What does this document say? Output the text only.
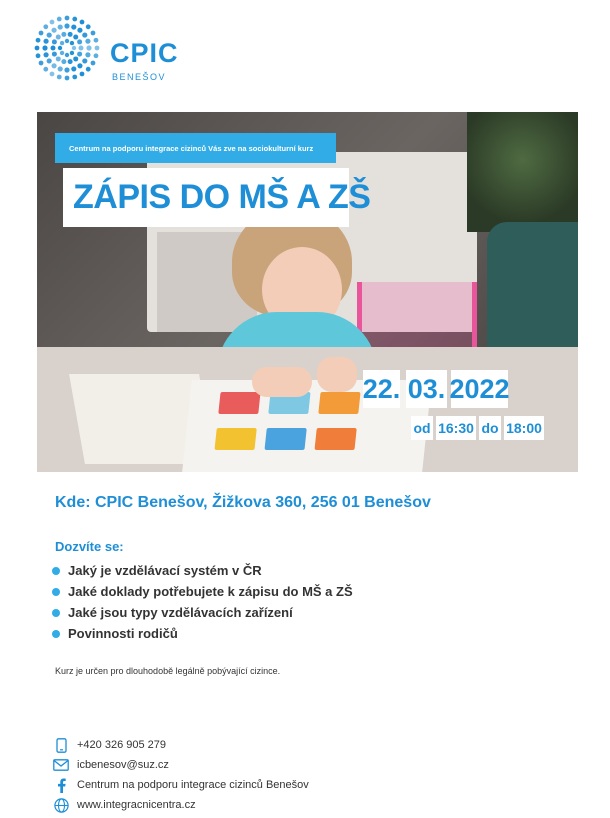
CPIC
BENEŠOV
Centrum na podporu integrace cizinců Vás zve na sociokulturní kurz
ZÁPIS DO MŠ A ZŠ
22. 03. 2022
od 16:30 do 18:00
Kde: CPIC Benešov, Žižkova 360, 256 01 Benešov
Dozvíte se:
Jaký je vzdělávací systém v ČR
Jaké doklady potřebujete k zápisu do MŠ a ZŠ
Jaké jsou typy vzdělávacích zařízení
Povinnosti rodičů
Kurz je určen pro dlouhodobě legálně pobývající cizince.
+420 326 905 279
icbenesov@suz.cz
Centrum na podporu integrace cizinců Benešov
www.integracnicentra.cz
